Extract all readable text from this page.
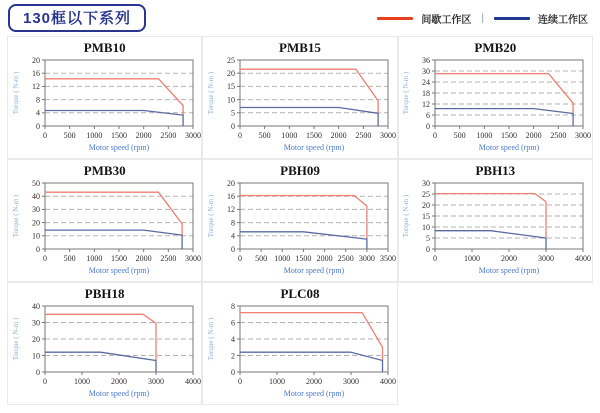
130框以下系列	间歇工作区 |	连续工作区
PMB10
0 500 1000 1500 2000 2500 3000
0
4
8
12
16
20
Motor speed (rpm)
Torque ( N-m )
PMB15
0 500 1000 1500 2000 2500 3000
0
5
10
15
20
25
Motor speed (rpm)
Torque ( N-m )
PMB20
0 500 1000 1500 2000 2500 3000
0
6
12
18
24
30
36
Motor speed (rpm)
Torque ( N-m )
PMB30
0 500 1000 1500 2000 2500 3000
0
10
20
30
40
50
Motor speed (rpm)
Torque ( N-m )
PBH09
0 500 1000 1500 2000 2500 3000 3500
0
4
8
12
16
20
Motor speed (rpm)
Torque ( N-m )
PBH13
0	1000	2000	3000	4000
0
5
10
15
20
25
30
Motor speed (rpm)
Torque ( N-m )
PBH18
0	1000	2000	3000	4000
0
10
20
30
40
Motor speed (rpm)
Torque ( N-m )
PLC08
0	1000	2000	3000	4000
0
2
4
6
8
Motor speed (rpm)
Torque ( N-m )
